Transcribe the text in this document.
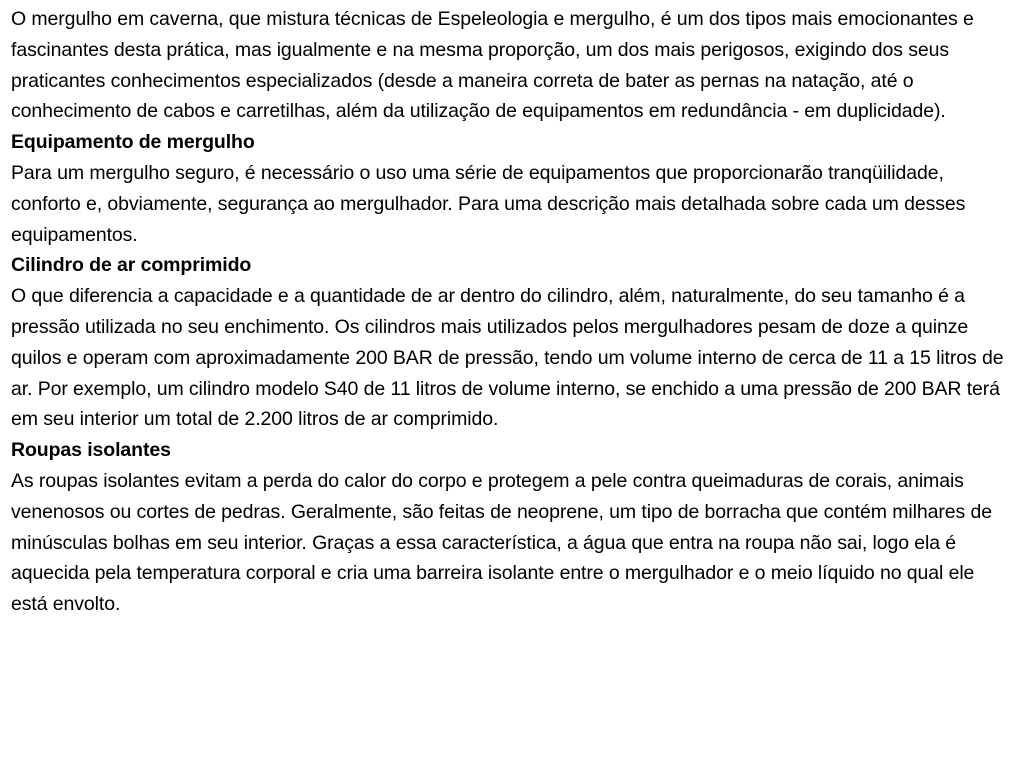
O mergulho em caverna, que mistura técnicas de Espeleologia e mergulho, é um dos tipos mais emocionantes e fascinantes desta prática, mas igualmente e na mesma proporção, um dos mais perigosos, exigindo dos seus praticantes conhecimentos especializados (desde a maneira correta de bater as pernas na natação, até o conhecimento de cabos e carretilhas, além da utilização de equipamentos em redundância - em duplicidade).

Equipamento de mergulho

Para um mergulho seguro, é necessário o uso uma série de equipamentos que proporcionarão tranqüilidade, conforto e, obviamente, segurança ao mergulhador. Para uma descrição mais detalhada sobre cada um desses equipamentos.

Cilindro de ar comprimido

O que diferencia a capacidade e a quantidade de ar dentro do cilindro, além, naturalmente, do seu tamanho é a pressão utilizada no seu enchimento. Os cilindros mais utilizados pelos mergulhadores pesam de doze a quinze quilos e operam com aproximadamente 200 BAR de pressão, tendo um volume interno de cerca de 11 a 15 litros de ar. Por exemplo, um cilindro modelo S40 de 11 litros de volume interno, se enchido a uma pressão de 200 BAR terá em seu interior um total de 2.200 litros de ar comprimido.

Roupas isolantes

As roupas isolantes evitam a perda do calor do corpo e protegem a pele contra queimaduras de corais, animais venenosos ou cortes de pedras. Geralmente, são feitas de neoprene, um tipo de borracha que contém milhares de minúsculas bolhas em seu interior. Graças a essa característica, a água que entra na roupa não sai, logo ela é aquecida pela temperatura corporal e cria uma barreira isolante entre o mergulhador e o meio líquido no qual ele está envolto.
